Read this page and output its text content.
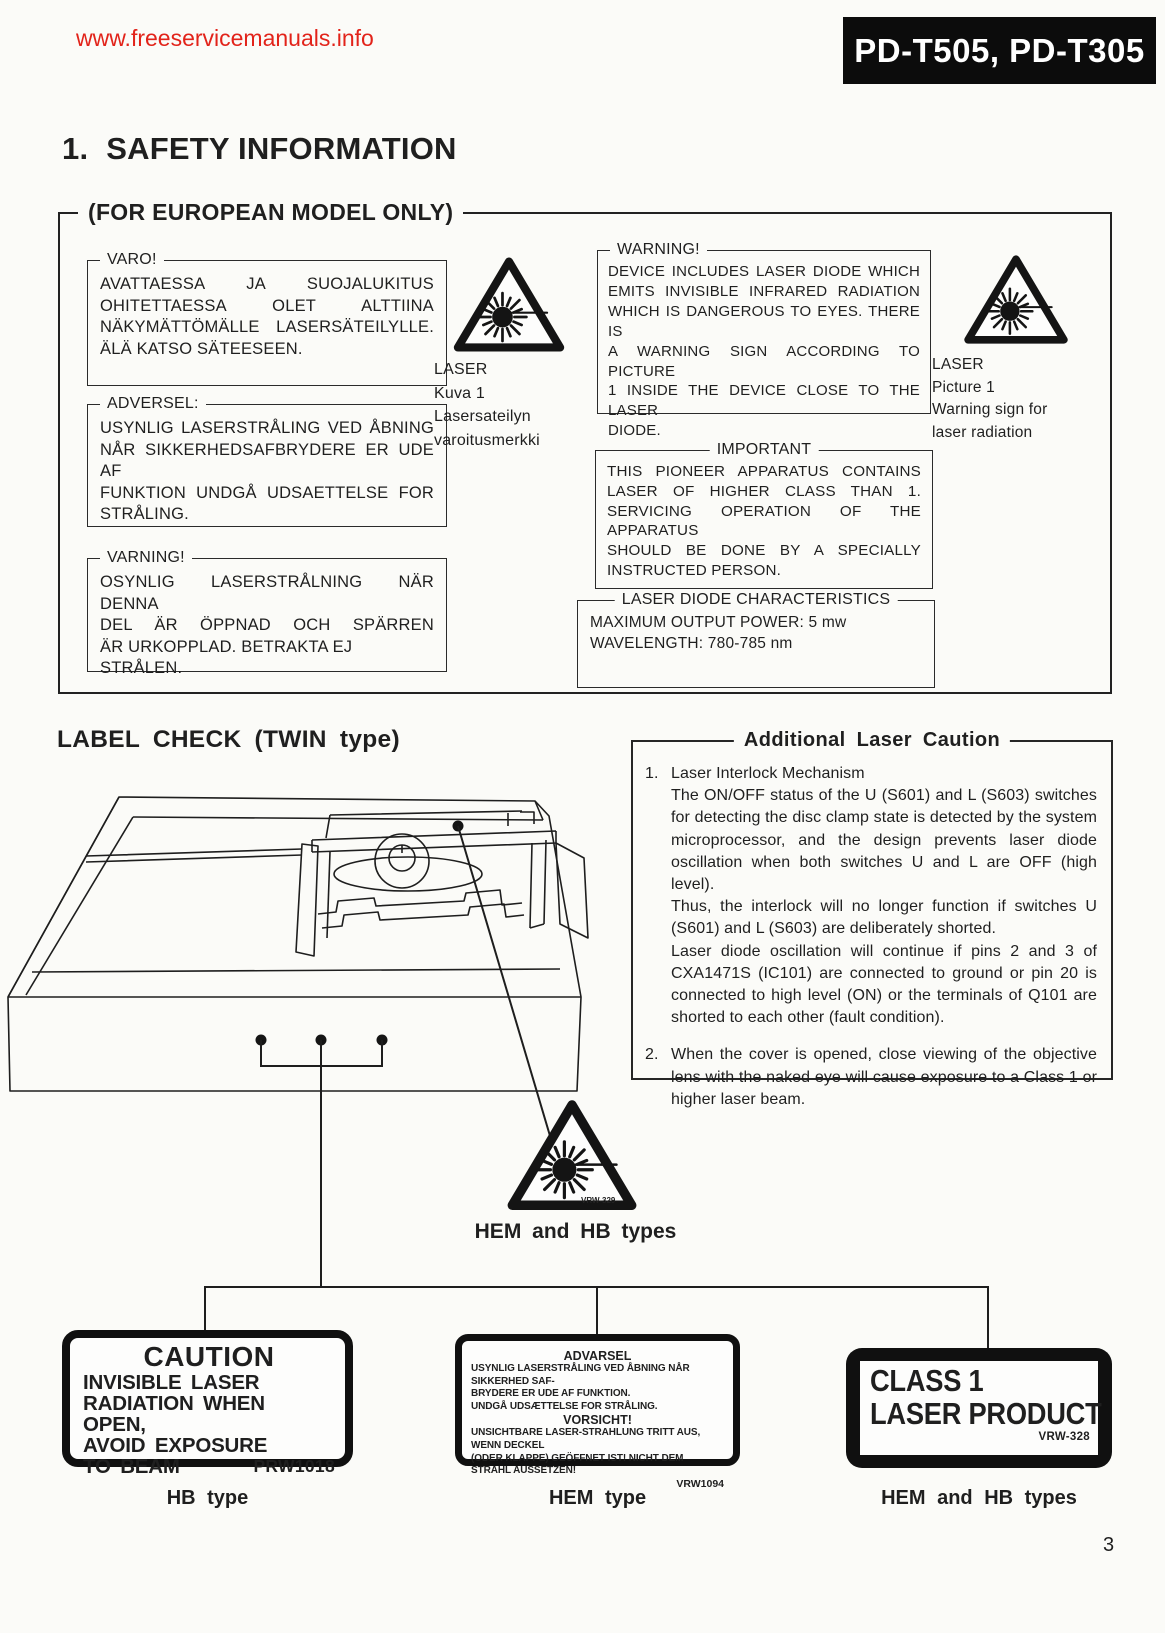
www.freeservicemanuals.info	PD-T505, PD-T305
1. SAFETY INFORMATION
(FOR EUROPEAN MODEL ONLY)
VARO!
AVATTAESSA JA SUOJALUKITUS
OHITETTAESSA OLET ALTTIINA
NÄKYMÄTTÖMÄLLE LASERSÄTEILYLLE.
ÄLÄ KATSO SÄTEESEEN.
ADVERSEL:
USYNLIG LASERSTRÅLING VED ÅBNING
NÅR SIKKERHEDSAFBRYDERE ER UDE AF
FUNKTION UNDGÅ UDSAETTELSE FOR
STRÅLING.
VARNING!
OSYNLIG LASERSTRÅLNING NÄR DENNA
DEL ÄR ÖPPNAD OCH SPÄRREN
ÄR URKOPPLAD. BETRAKTA EJ STRÅLEN.
LASER
Kuva 1
Lasersateilyn
varoitusmerkki
WARNING!
DEVICE INCLUDES LASER DIODE WHICH
EMITS INVISIBLE INFRARED RADIATION
WHICH IS DANGEROUS TO EYES. THERE IS
A WARNING SIGN ACCORDING TO PICTURE
1 INSIDE THE DEVICE CLOSE TO THE LASER
DIODE.
IMPORTANT
THIS PIONEER APPARATUS CONTAINS
LASER OF HIGHER CLASS THAN 1.
SERVICING OPERATION OF THE APPARATUS
SHOULD BE DONE BY A SPECIALLY
INSTRUCTED PERSON.
LASER DIODE CHARACTERISTICS
MAXIMUM OUTPUT POWER: 5 mw
WAVELENGTH: 780-785 nm
LASER
Picture 1
Warning sign for
laser radiation
LABEL CHECK (TWIN type)	Additional Laser Caution
1. Laser Interlock Mechanism

The ON/OFF status of the U (S601) and L (S603) switches for detecting the disc clamp state is detected by the system microprocessor, and the design prevents laser diode oscillation when both switches U and L are OFF (high level).

Thus, the interlock will no longer function if switches U (S601) and L (S603) are deliberately shorted.

Laser diode oscillation will continue if pins 2 and 3 of CXA1471S (IC101) are connected to ground or pin 20 is connected to high level (ON) or the terminals of Q101 are shorted to each other (fault condition).

2. When the cover is opened, close viewing of the objective lens with the naked eye will cause exposure to a Class 1 or higher laser beam.

VRW-329
HEM and HB types
CAUTION
INVISIBLE LASER
RADIATION WHEN OPEN,
AVOID EXPOSURE
TO BEAM	PRW1018
HB type
ADVARSEL
USYNLIG LASERSTRÅLING VED ÅBNING NÅR SIKKERHED SAF-
BRYDERE ER UDE AF FUNKTION.
UNDGÅ UDSÆTTELSE FOR STRÅLING.
VORSICHT!
UNSICHTBARE LASER-STRAHLUNG TRITT AUS, WENN DECKEL
(ODER KLAPPE) GEÖFFNET IST! NICHT DEM STRAHL AUSSETZEN!
VRW1094
HEM type
CLASS 1
LASER PRODUCT
VRW-328
HEM and HB types
3
